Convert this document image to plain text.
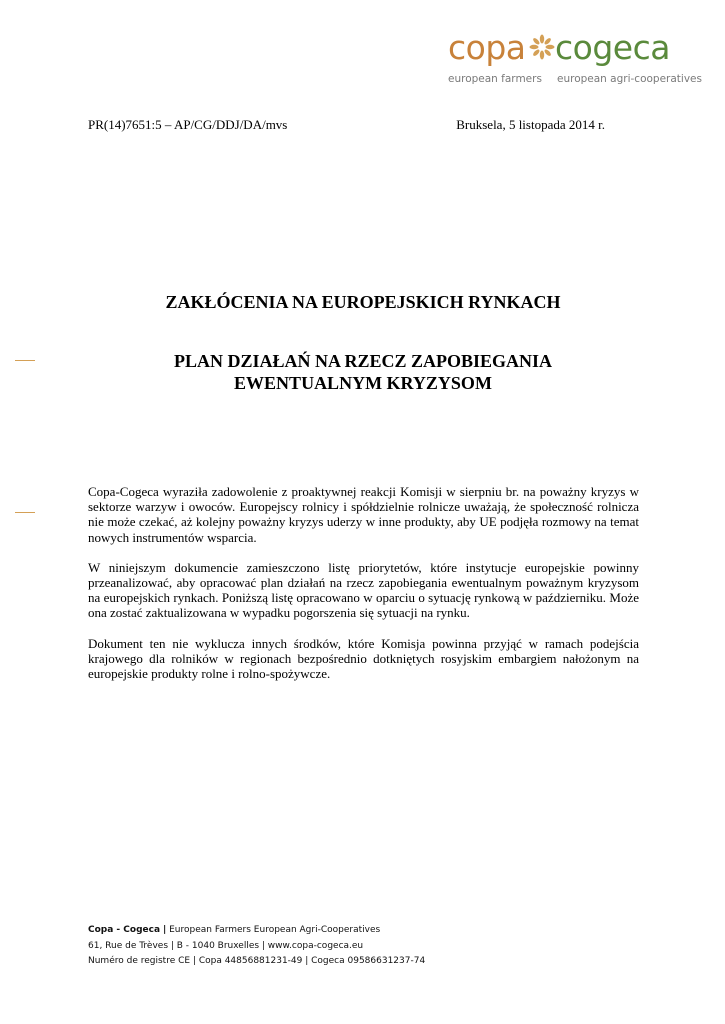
copa cogeca
european farmers european agri-cooperatives
PR(14)7651:5 – AP/CG/DDJ/DA/mvs	Bruksela, 5 listopada 2014 r.
ZAKŁÓCENIA NA EUROPEJSKICH RYNKACH
PLAN DZIAŁAŃ NA RZECZ ZAPOBIEGANIA
EWENTUALNYM KRYZYSOM

Copa-Cogeca wyraziła zadowolenie z proaktywnej reakcji Komisji w sierpniu br. na poważny kryzys w sektorze warzyw i owoców. Europejscy rolnicy i spółdzielnie rolnicze uważają, że społeczność rolnicza nie może czekać, aż kolejny poważny kryzys uderzy w inne produkty, aby UE podjęła rozmowy na temat nowych instrumentów wsparcia.

W niniejszym dokumencie zamieszczono listę priorytetów, które instytucje europejskie powinny przeanalizować, aby opracować plan działań na rzecz zapobiegania ewentualnym poważnym kryzysom na europejskich rynkach. Poniższą listę opracowano w oparciu o sytuację rynkową w październiku. Może ona zostać zaktualizowana w wypadku pogorszenia się sytuacji na rynku.

Dokument ten nie wyklucza innych środków, które Komisja powinna przyjąć w ramach podejścia krajowego dla rolników w regionach bezpośrednio dotkniętych rosyjskim embargiem nałożonym na europejskie produkty rolne i rolno-spożywcze.

Copa - Cogeca | European Farmers European Agri-Cooperatives
61, Rue de Trèves | B - 1040 Bruxelles | www.copa-cogeca.eu
Numéro de registre CE | Copa 44856881231-49 | Cogeca 09586631237-74
